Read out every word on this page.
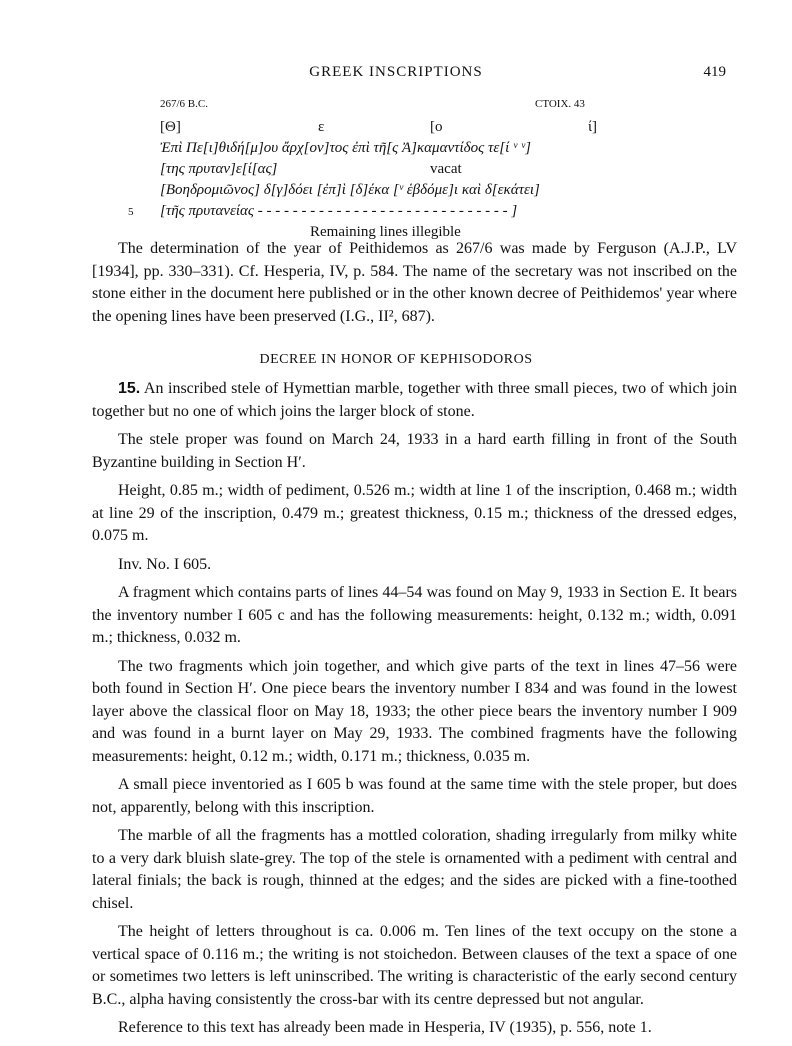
GREEK INSCRIPTIONS	419
267/6 B.C.	CTOIX. 43
[Θ]	ε	[ο	ί]
Ἐπὶ Πε[ι]θιδή[μ]ου ἄρχ[ον]τος ἐπὶ τῆ[ς Ἀ]καμαντίδος τε[ί ᵛ ᵛ]
[της πρυταν]ε[ί[ας]	vacat
[Βοηδρομιῶνος] δ[γ]δόει [ἐπ]ὶ [δ]έκα [ᵛ ἑβδόμε]ι καὶ δ[εκάτει]
5 [τῆς πρυτανείας - - - - - - - - - - - - - - - - - - - - - - - - - - - - - ]
Remaining lines illegible

The determination of the year of Peithidemos as 267/6 was made by Ferguson (A.J.P., LV [1934], pp. 330–331). Cf. Hesperia, IV, p. 584. The name of the secretary was not inscribed on the stone either in the document here published or in the other known decree of Peithidemos' year where the opening lines have been preserved (I.G., II², 687).

DECREE IN HONOR OF KEPHISODOROS

15. An inscribed stele of Hymettian marble, together with three small pieces, two of which join together but no one of which joins the larger block of stone.

The stele proper was found on March 24, 1933 in a hard earth filling in front of the South Byzantine building in Section H′.

Height, 0.85 m.; width of pediment, 0.526 m.; width at line 1 of the inscription, 0.468 m.; width at line 29 of the inscription, 0.479 m.; greatest thickness, 0.15 m.; thickness of the dressed edges, 0.075 m.

Inv. No. I 605.

A fragment which contains parts of lines 44–54 was found on May 9, 1933 in Section E. It bears the inventory number I 605 c and has the following measurements: height, 0.132 m.; width, 0.091 m.; thickness, 0.032 m.

The two fragments which join together, and which give parts of the text in lines 47–56 were both found in Section H′. One piece bears the inventory number I 834 and was found in the lowest layer above the classical floor on May 18, 1933; the other piece bears the inventory number I 909 and was found in a burnt layer on May 29, 1933. The combined fragments have the following measurements: height, 0.12 m.; width, 0.171 m.; thickness, 0.035 m.

A small piece inventoried as I 605 b was found at the same time with the stele proper, but does not, apparently, belong with this inscription.

The marble of all the fragments has a mottled coloration, shading irregularly from milky white to a very dark bluish slate-grey. The top of the stele is ornamented with a pediment with central and lateral finials; the back is rough, thinned at the edges; and the sides are picked with a fine-toothed chisel.

The height of letters throughout is ca. 0.006 m. Ten lines of the text occupy on the stone a vertical space of 0.116 m.; the writing is not stoichedon. Between clauses of the text a space of one or sometimes two letters is left uninscribed. The writing is characteristic of the early second century B.C., alpha having consistently the cross-bar with its centre depressed but not angular.

Reference to this text has already been made in Hesperia, IV (1935), p. 556, note 1.
